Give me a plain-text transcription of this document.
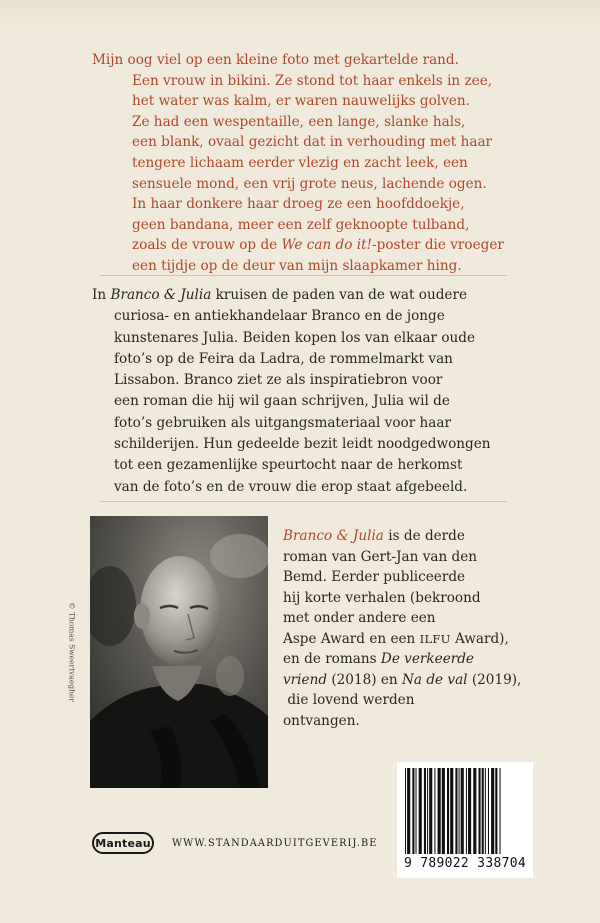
Mijn oog viel op een kleine foto met gekartelde rand.
Een vrouw in bikini. Ze stond tot haar enkels in zee,
het water was kalm, er waren nauwelijks golven.
Ze had een wespentaille, een lange, slanke hals,
een blank, ovaal gezicht dat in verhouding met haar
tengere lichaam eerder vlezig en zacht leek, een
sensuele mond, een vrij grote neus, lachende ogen.
In haar donkere haar droeg ze een hoofddoekje,
geen bandana, meer een zelf geknoopte tulband,
zoals de vrouw op de We can do it!-poster die vroeger
een tijdje op de deur van mijn slaapkamer hing.
In Branco & Julia kruisen de paden van de wat oudere
curiosa- en antiekhandelaar Branco en de jonge
kunstenares Julia. Beiden kopen los van elkaar oude
foto’s op de Feira da Ladra, de rommelmarkt van
Lissabon. Branco ziet ze als inspiratiebron voor
een roman die hij wil gaan schrijven, Julia wil de
foto’s gebruiken als uitgangsmateriaal voor haar
schilderijen. Hun gedeelde bezit leidt noodgedwongen
tot een gezamenlijke speurtocht naar de herkomst
van de foto’s en de vrouw die erop staat afgebeeld.
© Thomas Sweertvaegher
Branco & Julia is de derde
roman van Gert-Jan van den
Bemd. Eerder publiceerde
hij korte verhalen (bekroond
met onder andere een
Aspe Award en een ILFU Award),
en de romans De verkeerde
vriend (2018) en Na de val (2019),
die lovend werden
ontvangen.
9 789022 338704
Manteau	WWW.STANDAARDUITGEVERIJ.BE
